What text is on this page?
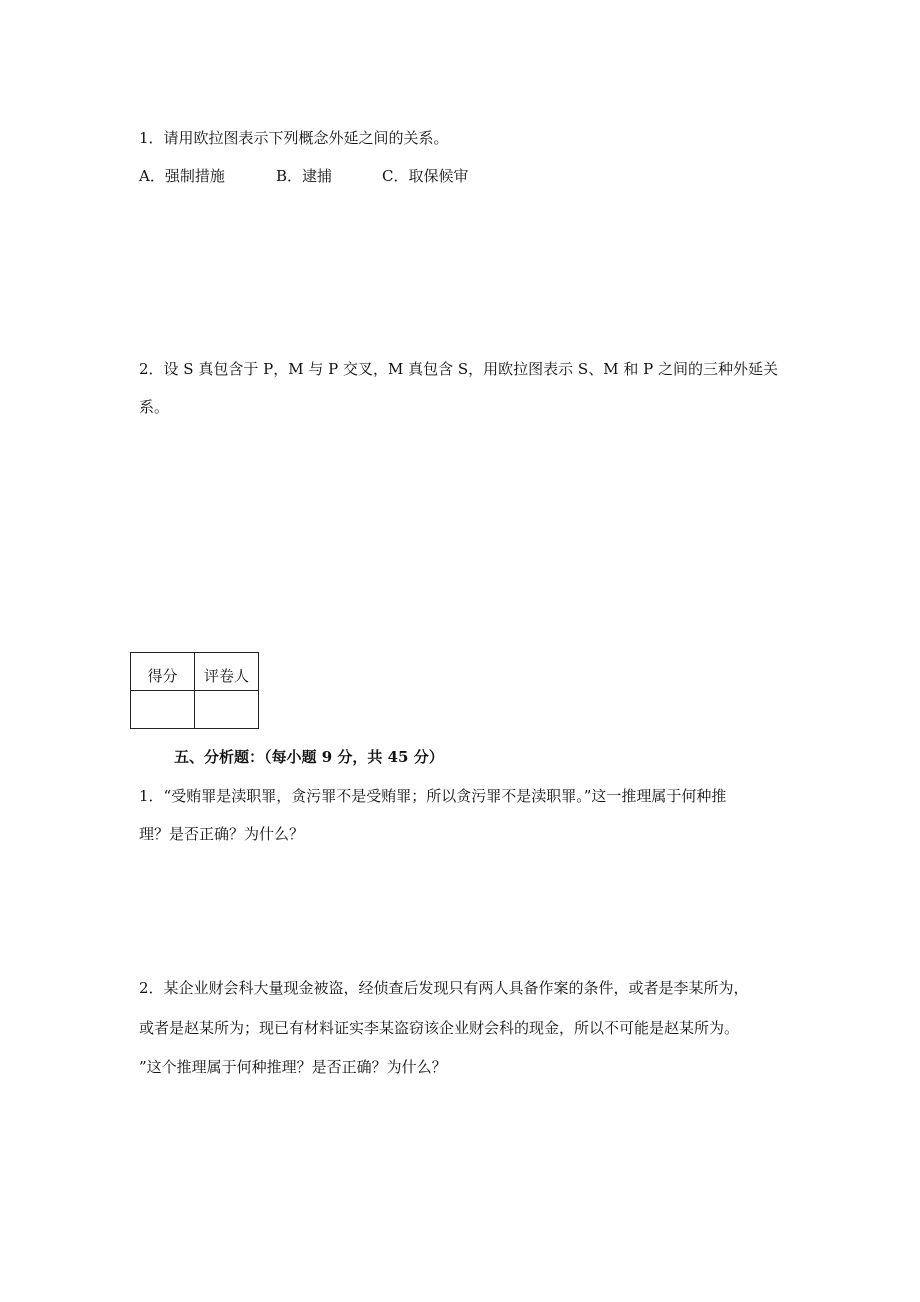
1．请用欧拉图表示下列概念外延之间的关系。
A．强制措施	B．逮捕	C．取保候审
2．设 S 真包含于 P，M 与 P 交叉，M 真包含 S，用欧拉图表示 S、M 和 P 之间的三种外延关
系。
得分	评卷人

五、分析题：（每小题 9 分，共 45 分）
1．“受贿罪是渎职罪，贪污罪不是受贿罪；所以贪污罪不是渎职罪。”这一推理属于何种推
理？是否正确？为什么？
2．某企业财会科大量现金被盗，经侦查后发现只有两人具备作案的条件，或者是李某所为，
或者是赵某所为；现已有材料证实李某盗窃该企业财会科的现金，所以不可能是赵某所为。
”这个推理属于何种推理？是否正确？为什么？
